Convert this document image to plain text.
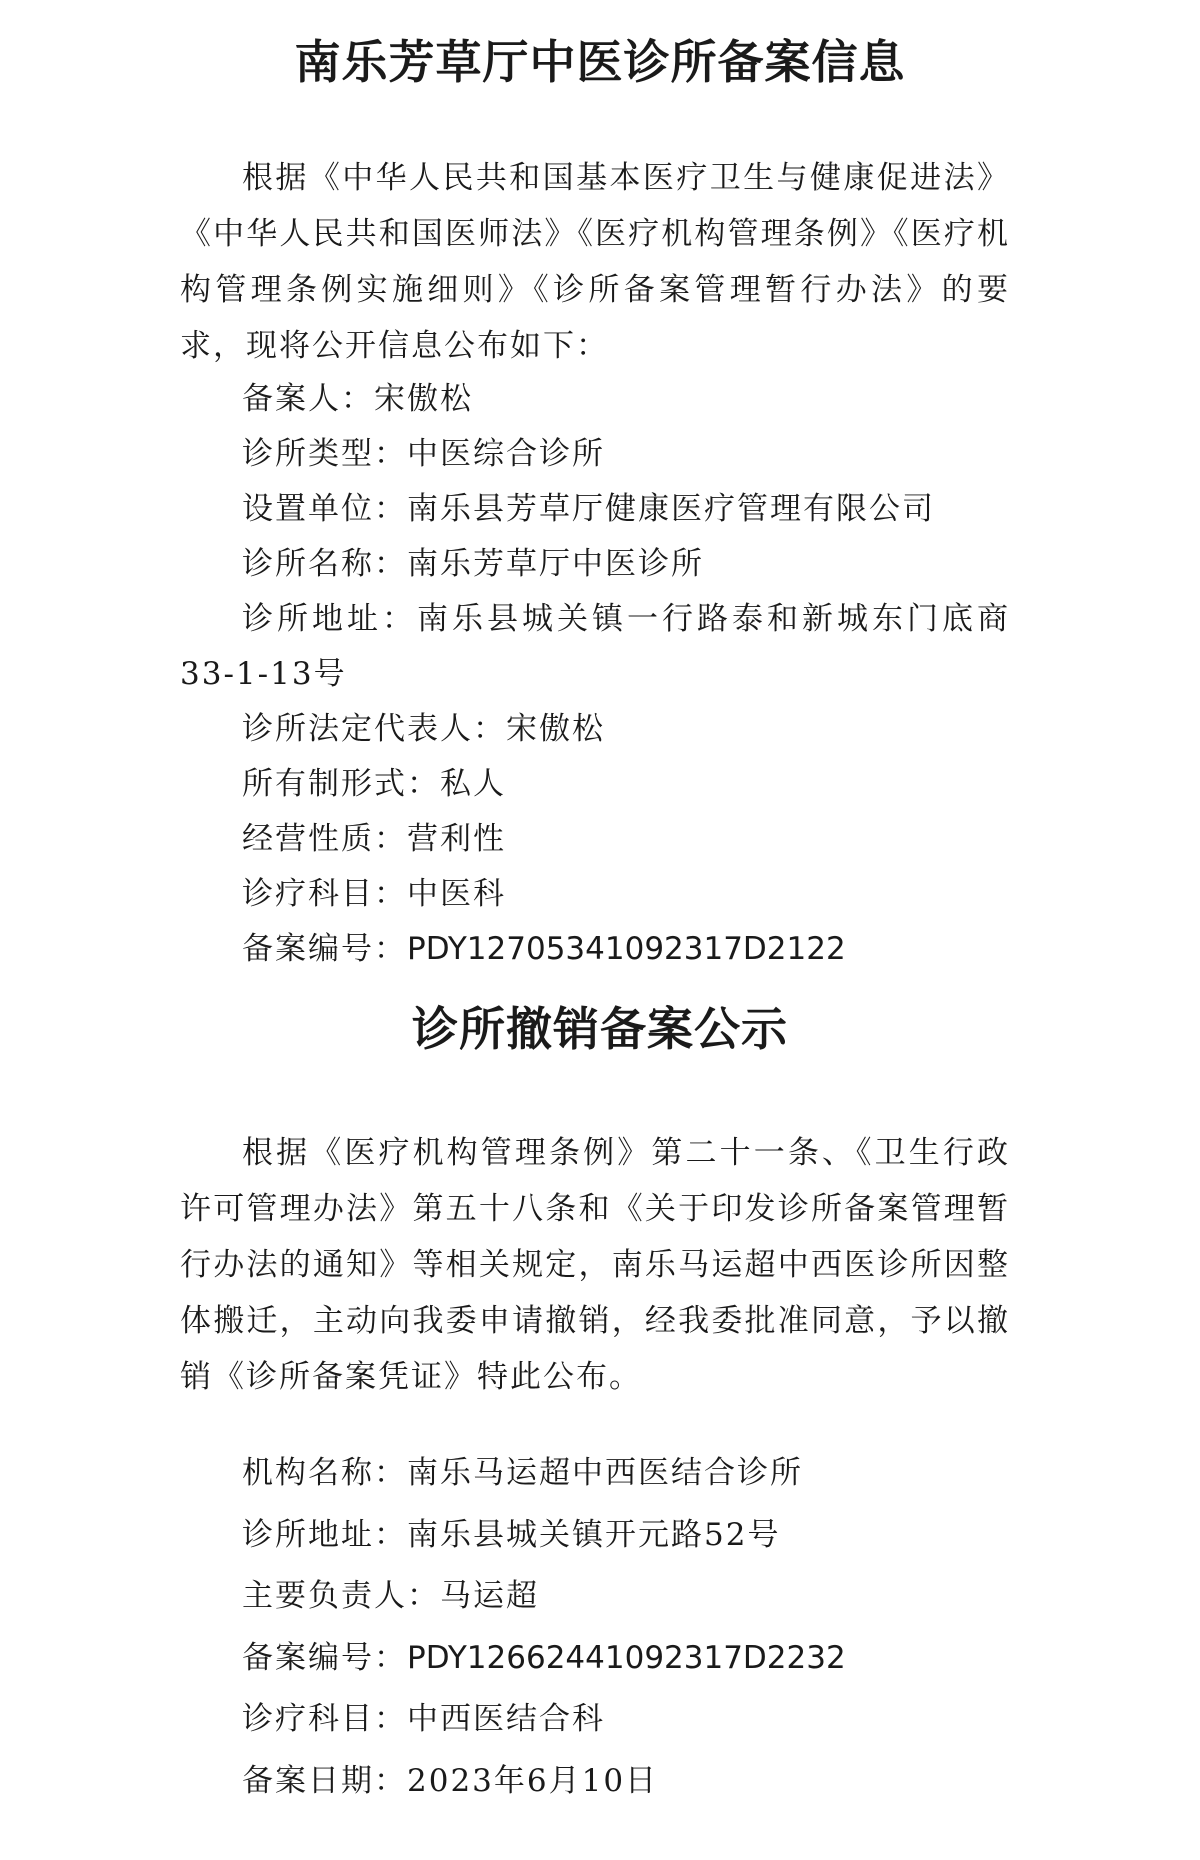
南乐芳草厅中医诊所备案信息

根据《中华人民共和国基本医疗卫生与健康促进法》《中华人民共和国医师法》《医疗机构管理条例》《医疗机构管理条例实施细则》《诊所备案管理暂行办法》的要求，现将公开信息公布如下：

备案人：宋傲松
诊所类型：中医综合诊所
设置单位：南乐县芳草厅健康医疗管理有限公司
诊所名称：南乐芳草厅中医诊所
诊所地址：南乐县城关镇一行路泰和新城东门底商33-1-13号
诊所法定代表人：宋傲松
所有制形式：私人
经营性质：营利性
诊疗科目：中医科
备案编号：PDY12705341092317D2122
诊所撤销备案公示

根据《医疗机构管理条例》第二十一条、《卫生行政许可管理办法》第五十八条和《关于印发诊所备案管理暂行办法的通知》等相关规定，南乐马运超中西医诊所因整体搬迁，主动向我委申请撤销，经我委批准同意，予以撤销《诊所备案凭证》特此公布。

机构名称：南乐马运超中西医结合诊所
诊所地址：南乐县城关镇开元路52号
主要负责人：马运超
备案编号：PDY12662441092317D2232
诊疗科目：中西医结合科
备案日期：2023年6月10日
